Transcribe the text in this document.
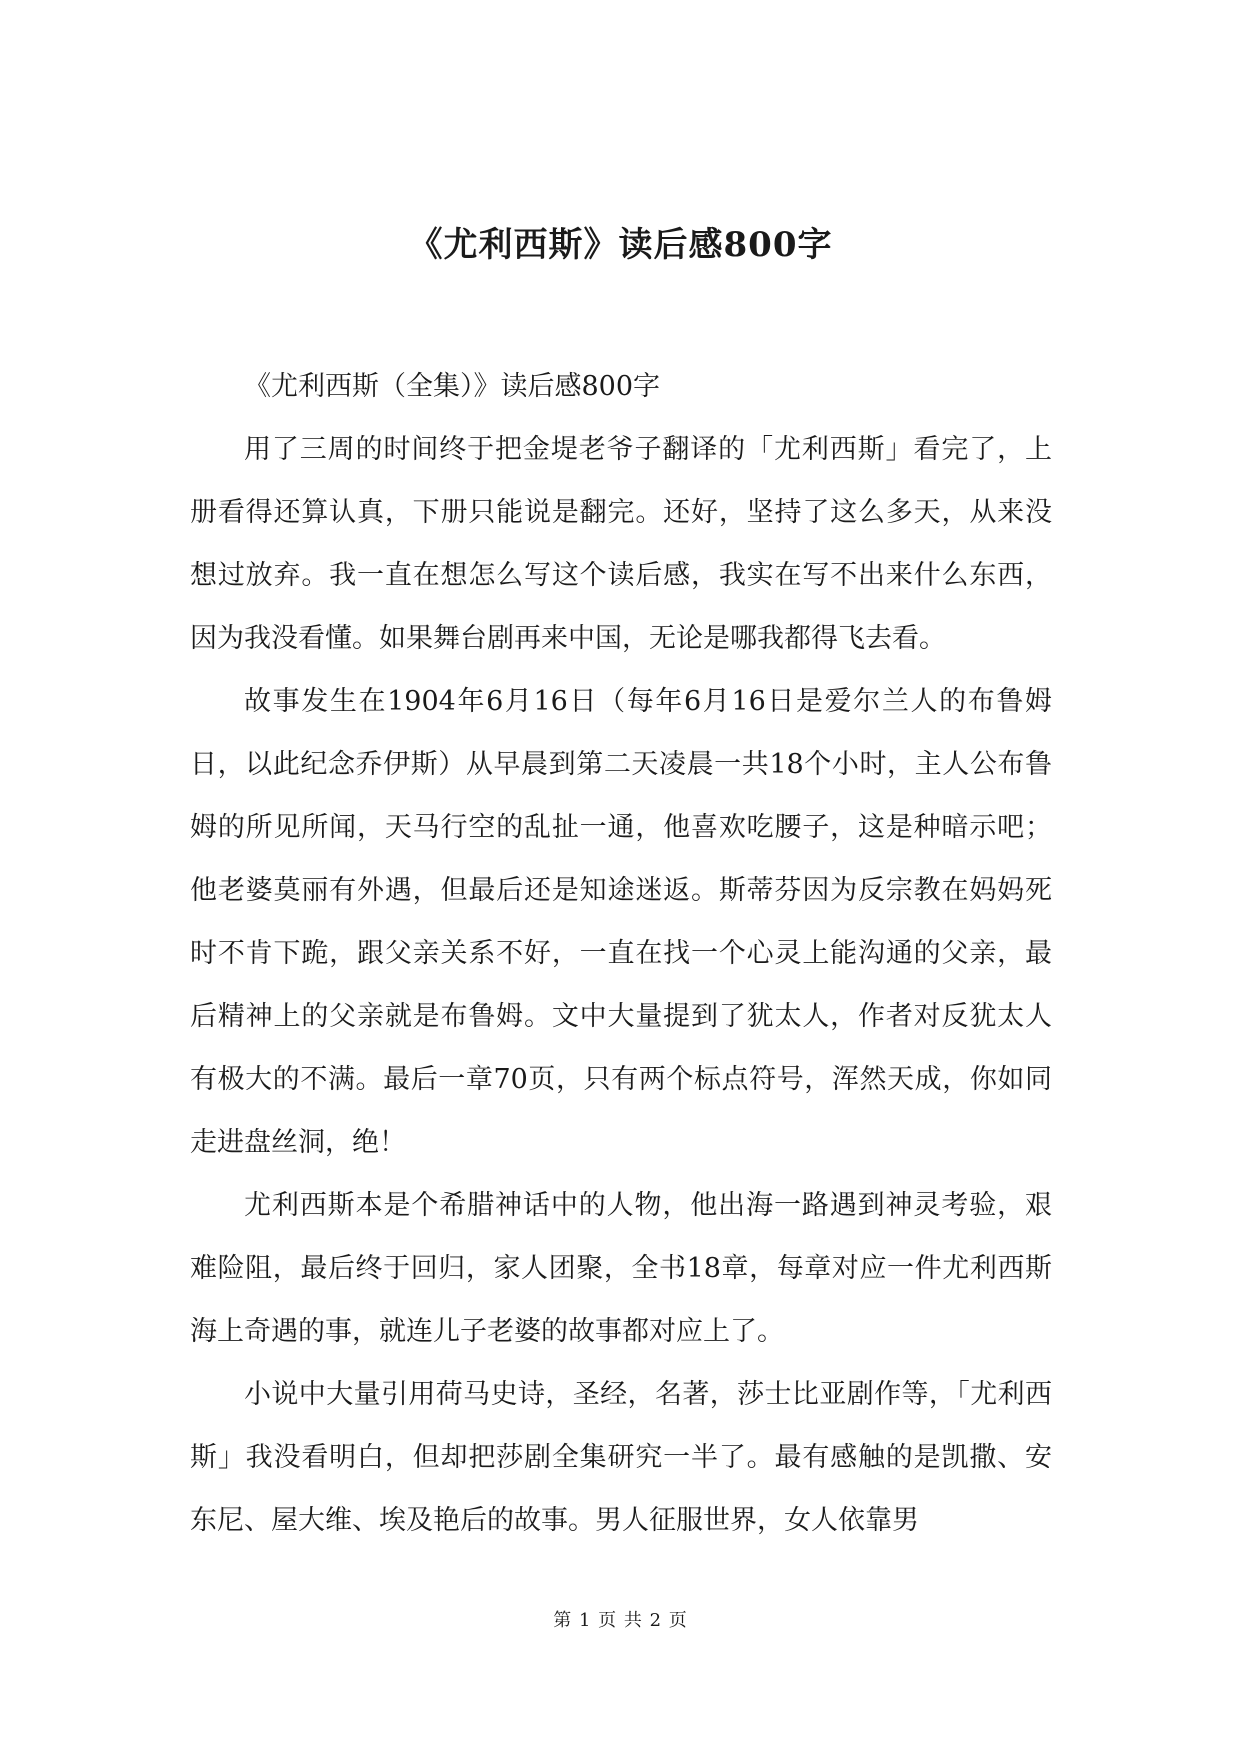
《尤利西斯》读后感800字

《尤利西斯（全集）》读后感800字

用了三周的时间终于把金堤老爷子翻译的「尤利西斯」看完了，上册看得还算认真，下册只能说是翻完。还好，坚持了这么多天，从来没想过放弃。我一直在想怎么写这个读后感，我实在写不出来什么东西，因为我没看懂。如果舞台剧再来中国，无论是哪我都得飞去看。

故事发生在1904年6月16日（每年6月16日是爱尔兰人的布鲁姆日，以此纪念乔伊斯）从早晨到第二天凌晨一共18个小时，主人公布鲁姆的所见所闻，天马行空的乱扯一通，他喜欢吃腰子，这是种暗示吧；他老婆莫丽有外遇，但最后还是知途迷返。斯蒂芬因为反宗教在妈妈死时不肯下跪，跟父亲关系不好，一直在找一个心灵上能沟通的父亲，最后精神上的父亲就是布鲁姆。文中大量提到了犹太人，作者对反犹太人有极大的不满。最后一章70页，只有两个标点符号，浑然天成，你如同走进盘丝洞，绝！

尤利西斯本是个希腊神话中的人物，他出海一路遇到神灵考验，艰难险阻，最后终于回归，家人团聚，全书18章，每章对应一件尤利西斯海上奇遇的事，就连儿子老婆的故事都对应上了。

小说中大量引用荷马史诗，圣经，名著，莎士比亚剧作等，「尤利西斯」我没看明白，但却把莎剧全集研究一半了。最有感触的是凯撒、安东尼、屋大维、埃及艳后的故事。男人征服世界，女人依靠男

第 1 页 共 2 页
